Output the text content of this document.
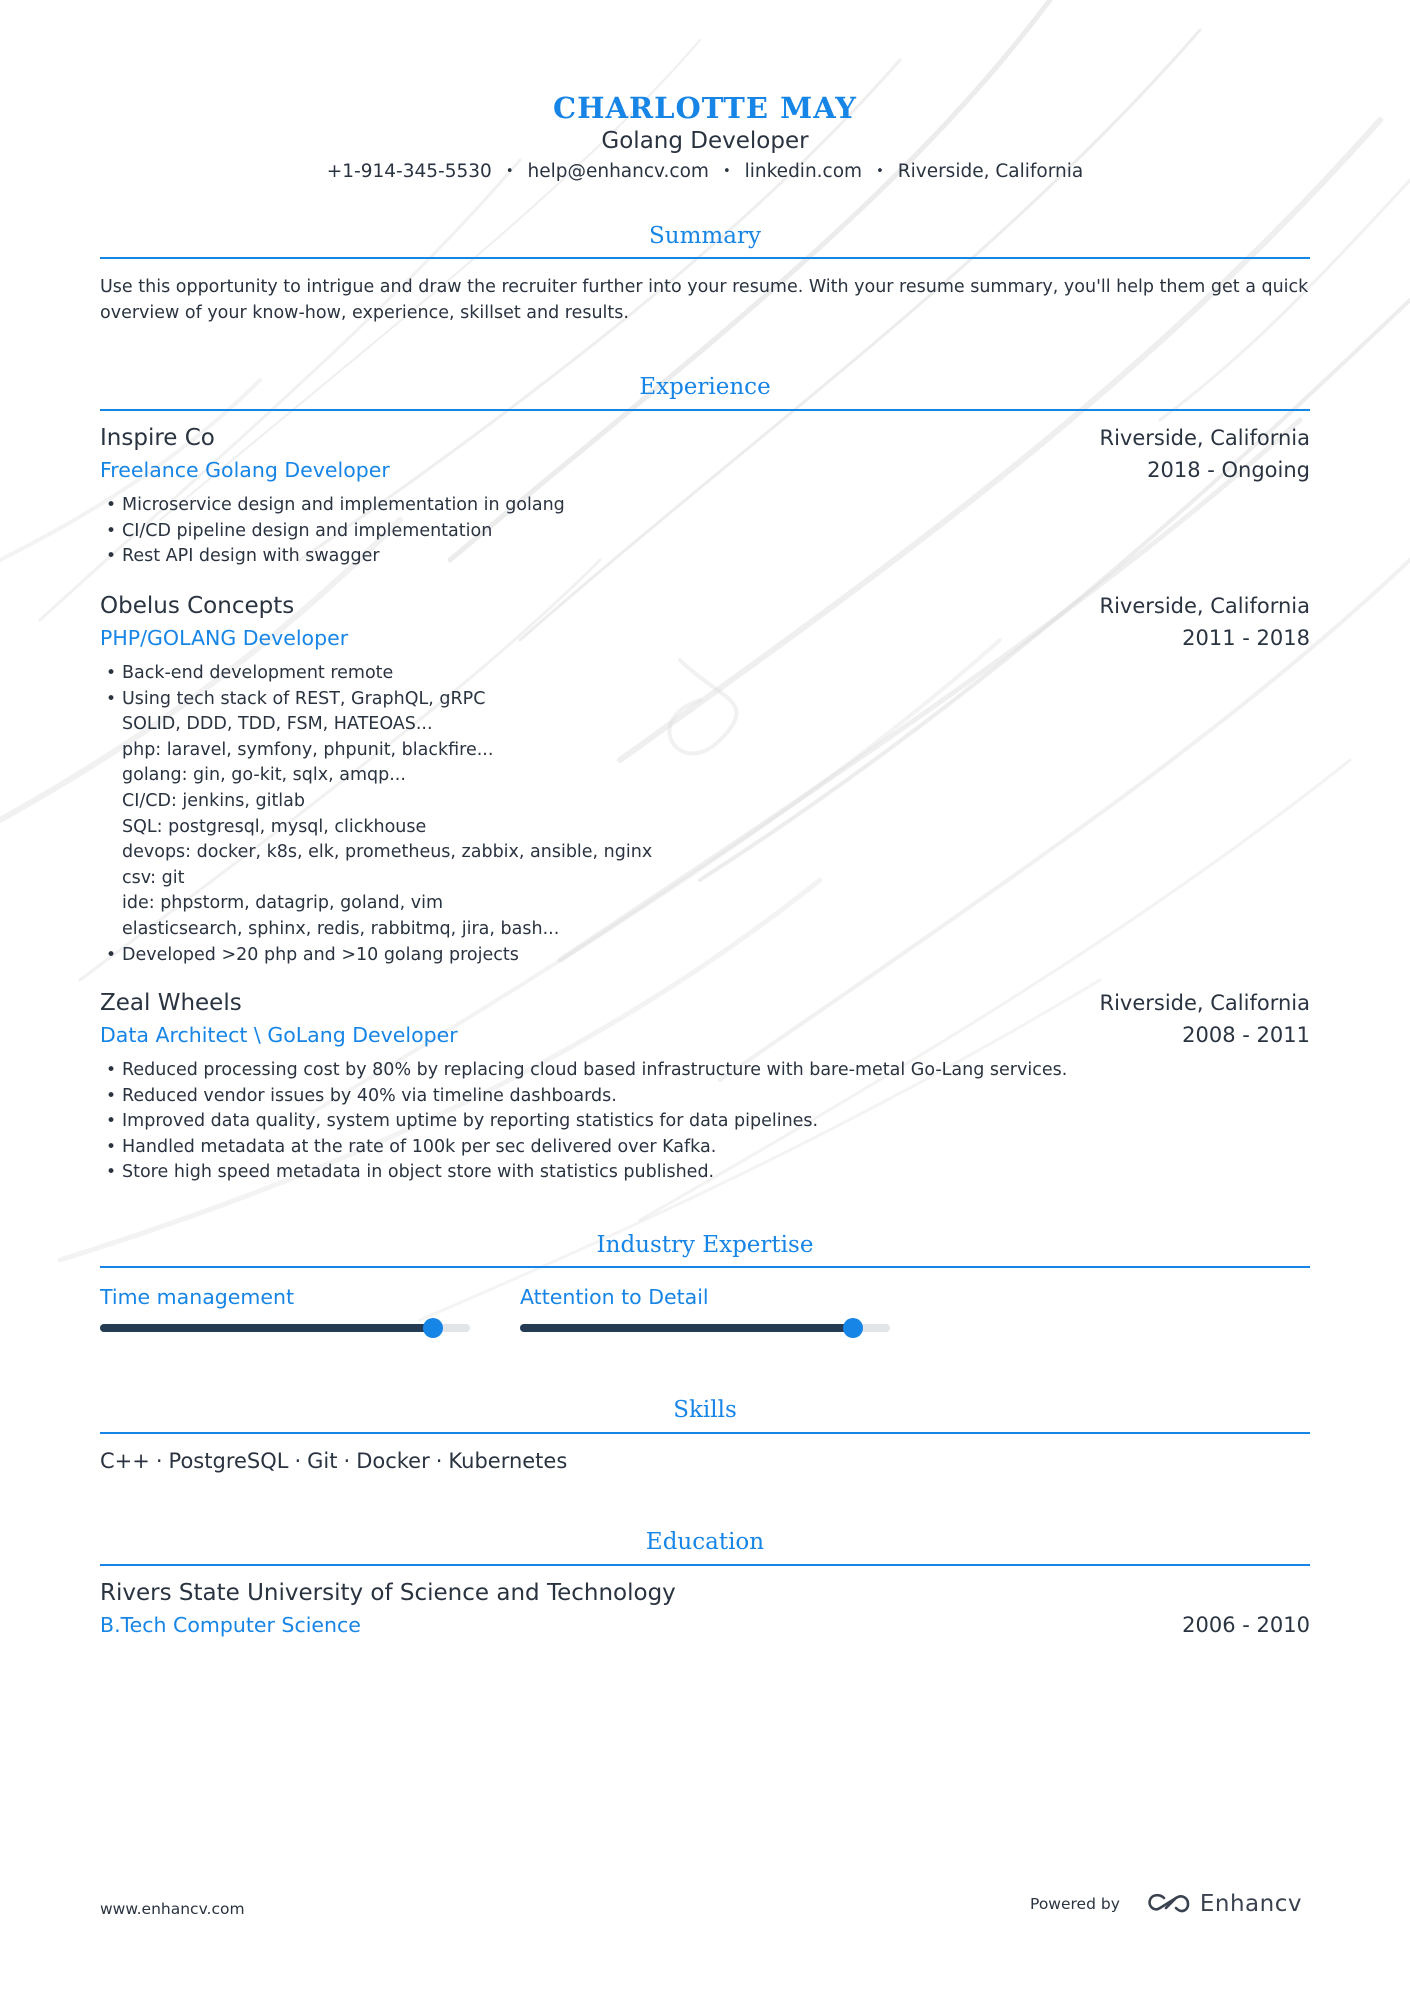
CHARLOTTE MAY
Golang Developer
+1-914-345-5530 • help@enhancv.com • linkedin.com • Riverside, California
Summary
Use this opportunity to intrigue and draw the recruiter further into your resume. With your resume summary, you'll help them get a quick overview of your know-how, experience, skillset and results.
Experience
Inspire Co	Riverside, California
Freelance Golang Developer	2018 - Ongoing
• Microservice design and implementation in golang
• CI/CD pipeline design and implementation
• Rest API design with swagger
Obelus Concepts	Riverside, California
PHP/GOLANG Developer	2011 - 2018
• Back-end development remote
• Using tech stack of REST, GraphQL, gRPC
SOLID, DDD, TDD, FSM, HATEOAS...
php: laravel, symfony, phpunit, blackfire...
golang: gin, go-kit, sqlx, amqp...
CI/CD: jenkins, gitlab
SQL: postgresql, mysql, clickhouse
devops: docker, k8s, elk, prometheus, zabbix, ansible, nginx
csv: git
ide: phpstorm, datagrip, goland, vim
elasticsearch, sphinx, redis, rabbitmq, jira, bash...
• Developed >20 php and >10 golang projects
Zeal Wheels	Riverside, California
Data Architect \ GoLang Developer	2008 - 2011
• Reduced processing cost by 80% by replacing cloud based infrastructure with bare-metal Go-Lang services.
• Reduced vendor issues by 40% via timeline dashboards.
• Improved data quality, system uptime by reporting statistics for data pipelines.
• Handled metadata at the rate of 100k per sec delivered over Kafka.
• Store high speed metadata in object store with statistics published.
Industry Expertise
Time management	Attention to Detail
Skills
C++ · PostgreSQL · Git · Docker · Kubernetes
Education
Rivers State University of Science and Technology
B.Tech Computer Science	2006 - 2010
www.enhancv.com	Powered by	Enhancv
